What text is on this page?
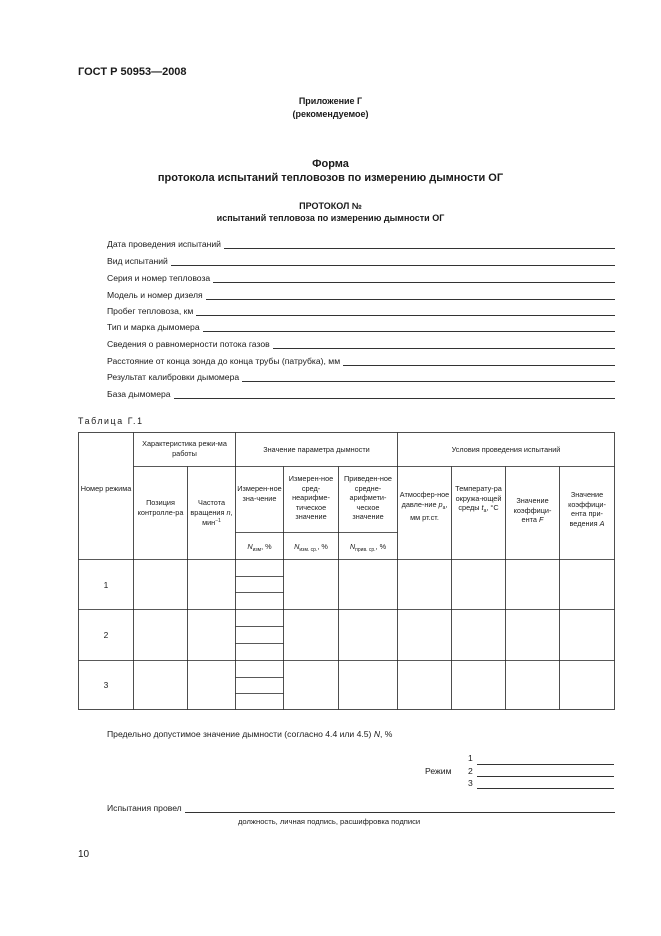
ГОСТ Р 50953—2008
Приложение Г
(рекомендуемое)
Форма
протокола испытаний тепловозов по измерению дымности ОГ
ПРОТОКОЛ №
испытаний тепловоза по измерению дымности ОГ
Дата проведения испытаний
Вид испытаний
Серия и номер тепловоза
Модель и номер дизеля
Пробег тепловоза, км
Тип и марка дымомера
Сведения о равномерности потока газов
Расстояние от конца зонда до конца трубы (патрубка), мм
Результат калибровки дымомера
База дымомера
Таблица Г.1
Номер режима
Характеристика режи-ма работы
Позиция контролле-ра
Частота вращения n, мин$^{-1}$
Значение параметра дымности
Измерен-ное зна-чение
Измерен-ное сред-неарифме-тическое значение
Приведен-ное средне-арифмети-ческое значение
$N_{изм}$, %	$N_{изм. ср.}$, %	$N_{прив. ср.}$, %
Условия проведения испытаний
Атмосфер-ное давле-ние $p_а$, мм рт.ст.
Температу-ра окружа-ющей среды $t_а$, °C
Значение коэффици-ента F
Значение коэффици-ента при-ведения A
1
2
3
Предельно допустимое значение дымности (согласно 4.4 или 4.5) N, %
Режим
1
2
3
Испытания провел
должность, личная подпись, расшифровка подписи
10
